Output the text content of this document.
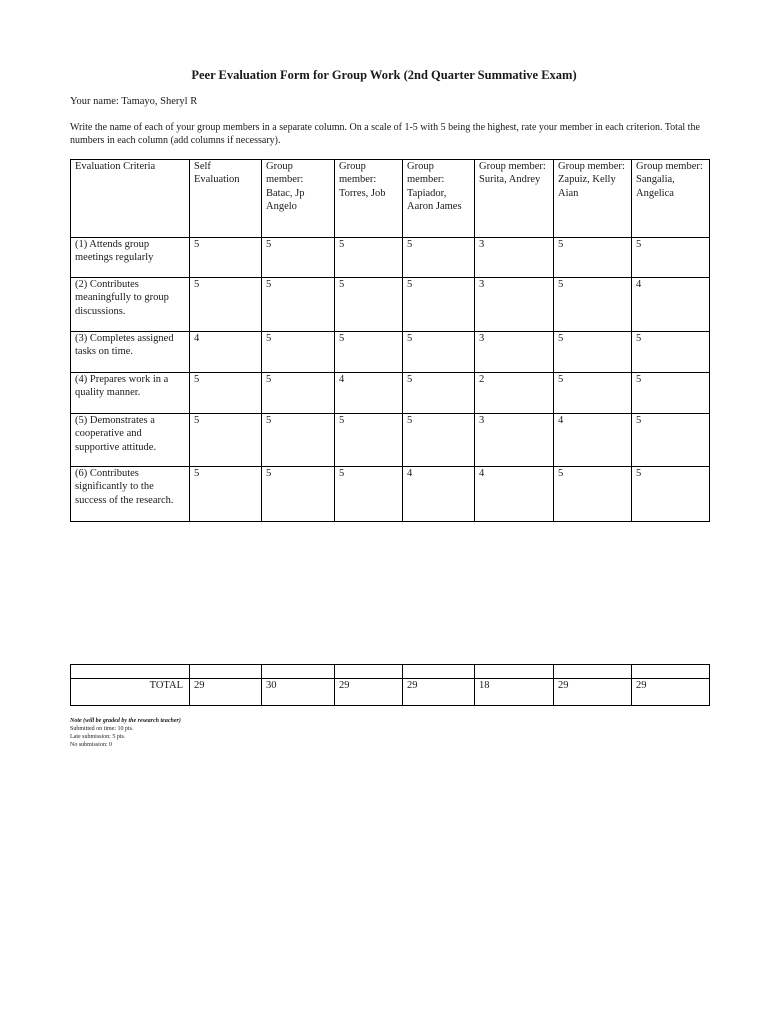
Peer Evaluation Form for Group Work (2nd Quarter Summative Exam)
Your name: Tamayo, Sheryl R
Write the name of each of your group members in a separate column. On a scale of 1-5 with 5 being the highest, rate your member in each criterion. Total the numbers in each column (add columns if necessary).
Evaluation Criteria	Self Evaluation	Group member: Batac, Jp Angelo	Group member: Torres, Job	Group member: Tapiador, Aaron James	Group member: Surita, Andrey	Group member: Zapuiz, Kelly Aian	Group member: Sangalia, Angelica
(1) Attends group meetings regularly	5	5	5	5	3	5	5
(2) Contributes meaningfully to group discussions.	5	5	5	5	3	5	4
(3) Completes assigned tasks on time.	4	5	5	5	3	5	5
(4) Prepares work in a quality manner.	5	5	4	5	2	5	5
(5) Demonstrates a cooperative and supportive attitude.	5	5	5	5	3	4	5
(6) Contributes significantly to the success of the research.	5	5	5	4	4	5	5

TOTAL	29	30	29	29	18	29	29
Note (will be graded by the research teacher)
Submitted on time: 10 pts.
Late submission: 5 pts.
No submission: 0
